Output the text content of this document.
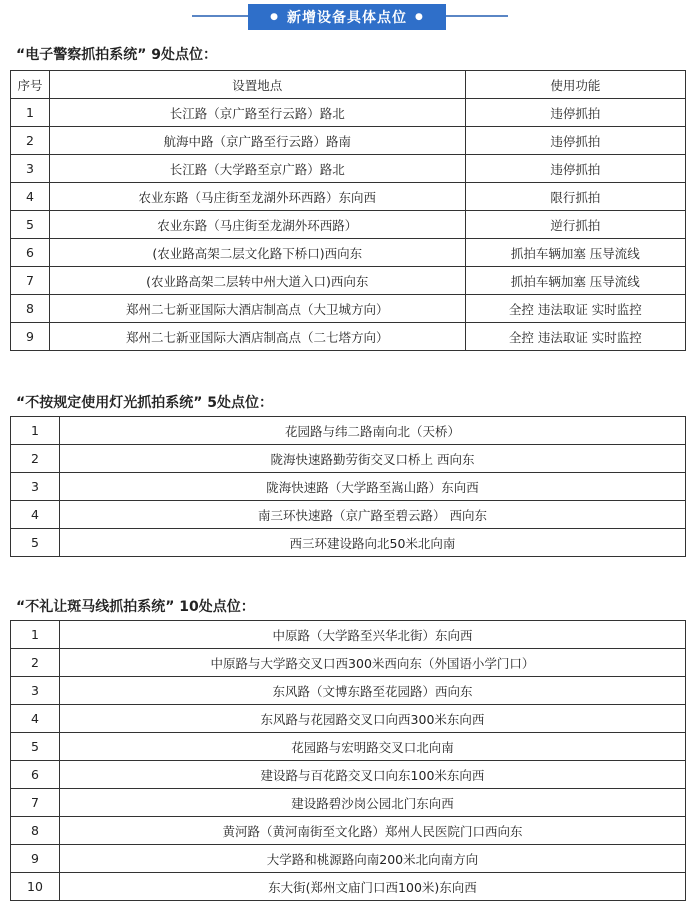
● 新增设备具体点位 ●
“电子警察抓拍系统” 9处点位：
序号	设置地点	使用功能
1	长江路（京广路至行云路）路北	违停抓拍
2	航海中路（京广路至行云路）路南	违停抓拍
3	长江路（大学路至京广路）路北	违停抓拍
4	农业东路（马庄街至龙湖外环西路）东向西	限行抓拍
5	农业东路（马庄街至龙湖外环西路）	逆行抓拍
6	(农业路高架二层文化路下桥口)西向东	抓拍车辆加塞 压导流线
7	(农业路高架二层转中州大道入口)西向东	抓拍车辆加塞 压导流线
8	郑州二七新亚国际大酒店制高点（大卫城方向）	全控 违法取证 实时监控
9	郑州二七新亚国际大酒店制高点（二七塔方向）	全控 违法取证 实时监控
“不按规定使用灯光抓拍系统” 5处点位：
1	花园路与纬二路南向北（天桥）
2	陇海快速路勤劳街交叉口桥上 西向东
3	陇海快速路（大学路至嵩山路）东向西
4	南三环快速路（京广路至碧云路） 西向东
5	西三环建设路向北50米北向南
“不礼让斑马线抓拍系统” 10处点位：
1	中原路（大学路至兴华北街）东向西
2	中原路与大学路交叉口西300米西向东（外国语小学门口）
3	东风路（文博东路至花园路）西向东
4	东风路与花园路交叉口向西300米东向西
5	花园路与宏明路交叉口北向南
6	建设路与百花路交叉口向东100米东向西
7	建设路碧沙岗公园北门东向西
8	黄河路（黄河南街至文化路）郑州人民医院门口西向东
9	大学路和桃源路向南200米北向南方向
10	东大街(郑州文庙门口西100米)东向西
